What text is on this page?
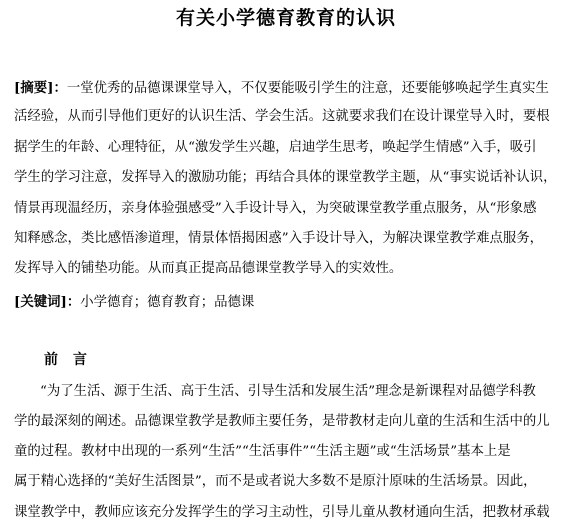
有关小学德育教育的认识
[摘要]：一堂优秀的品德课课堂导入，不仅要能吸引学生的注意，还要能够唤起学生真实生
活经验，从而引导他们更好的认识生活、学会生活。这就要求我们在设计课堂导入时，要根
据学生的年龄、心理特征，从“激发学生兴趣，启迪学生思考，唤起学生情感”入手，吸引
学生的学习注意，发挥导入的激励功能；再结合具体的课堂教学主题，从“事实说话补认识，
情景再现温经历，亲身体验强感受”入手设计导入，为突破课堂教学重点服务，从“形象感
知释感念，类比感悟渗道理，情景体悟揭困惑”入手设计导入，为解决课堂教学难点服务，
发挥导入的铺垫功能。从而真正提高品德课堂教学导入的实效性。
[关键词]：小学德育；德育教育；品德课
前 言
“为了生活、源于生活、高于生活、引导生活和发展生活”理念是新课程对品德学科教
学的最深刻的阐述。品德课堂教学是教师主要任务，是带教材走向儿童的生活和生活中的儿
童的过程。教材中出现的一系列“生活”“生活事件”“生活主题”或“生活场景”基本上是
属于精心选择的“美好生活图景”，而不是或者说大多数不是原汁原味的生活场景。因此，
课堂教学中，教师应该充分发挥学生的学习主动性，引导儿童从教材通向生活，把教材承载
